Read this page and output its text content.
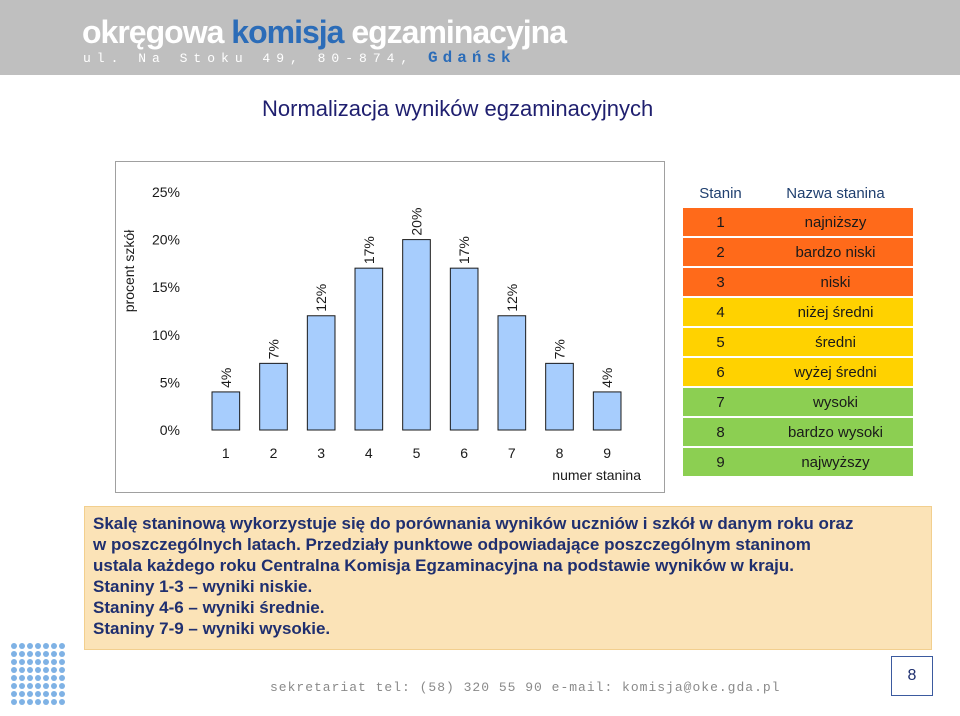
okręgowa komisja egzaminacyjna
ul. Na Stoku 49, 80-874, Gdańsk
Normalizacja wyników egzaminacyjnych
procent szkół
0%
5%
10%
15%
20%
25%
4%
1
7%
2
12%
3
17%
4
20%
5
17%
6
12%
7
7%
8
4%
9
numer stanina
Stanin	Nazwa stanina
1	najniższy
2	bardzo niski
3	niski
4	niżej średni
5	średni
6	wyżej średni
7	wysoki
8	bardzo wysoki
9	najwyższy

Skalę staninową wykorzystuje się do porównania wyników uczniów i szkół w danym roku oraz

w poszczególnych latach. Przedziały punktowe odpowiadające poszczególnym staninom

ustala każdego roku Centralna Komisja Egzaminacyjna na podstawie wyników w kraju.

Staniny 1-3 – wyniki niskie.

Staniny 4-6 – wyniki średnie.

Staniny 7-9 – wyniki wysokie.

sekretariat tel: (58) 320 55 90 e-mail: komisja@oke.gda.pl
8
